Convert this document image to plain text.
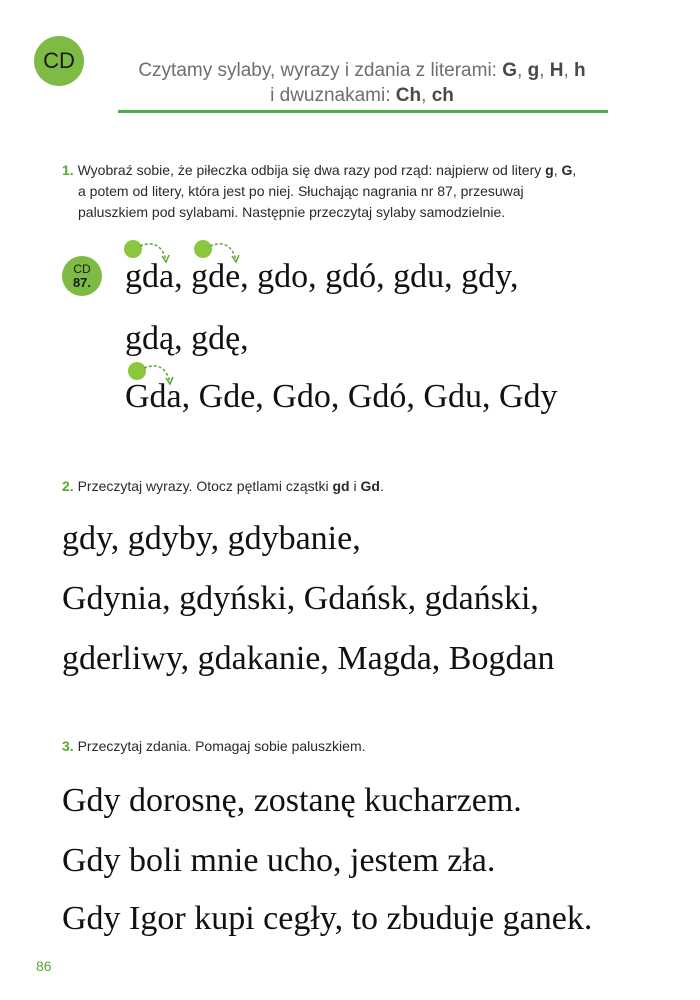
CD	Czytamy sylaby, wyrazy i zdania z literami: G, g, H, h
i dwuznakami: Ch, ch
1. Wyobraź sobie, że piłeczka odbija się dwa razy pod rząd: najpierw od litery g, G,
a potem od litery, która jest po niej. Słuchając nagrania nr 87, przesuwaj
paluszkiem pod sylabami. Następnie przeczytaj sylaby samodzielnie.
CD
87. gda, gde, gdo, gdó, gdu, gdy,
gdą, gdę,
Gda, Gde, Gdo, Gdó, Gdu, Gdy
2. Przeczytaj wyrazy. Otocz pętlami cząstki gd i Gd.
gdy, gdyby, gdybanie,
Gdynia, gdyński, Gdańsk, gdański,
gderliwy, gdakanie, Magda, Bogdan
3. Przeczytaj zdania. Pomagaj sobie paluszkiem.
Gdy dorosnę, zostanę kucharzem.
Gdy boli mnie ucho, jestem zła.
Gdy Igor kupi cegły, to zbuduje ganek.
86
